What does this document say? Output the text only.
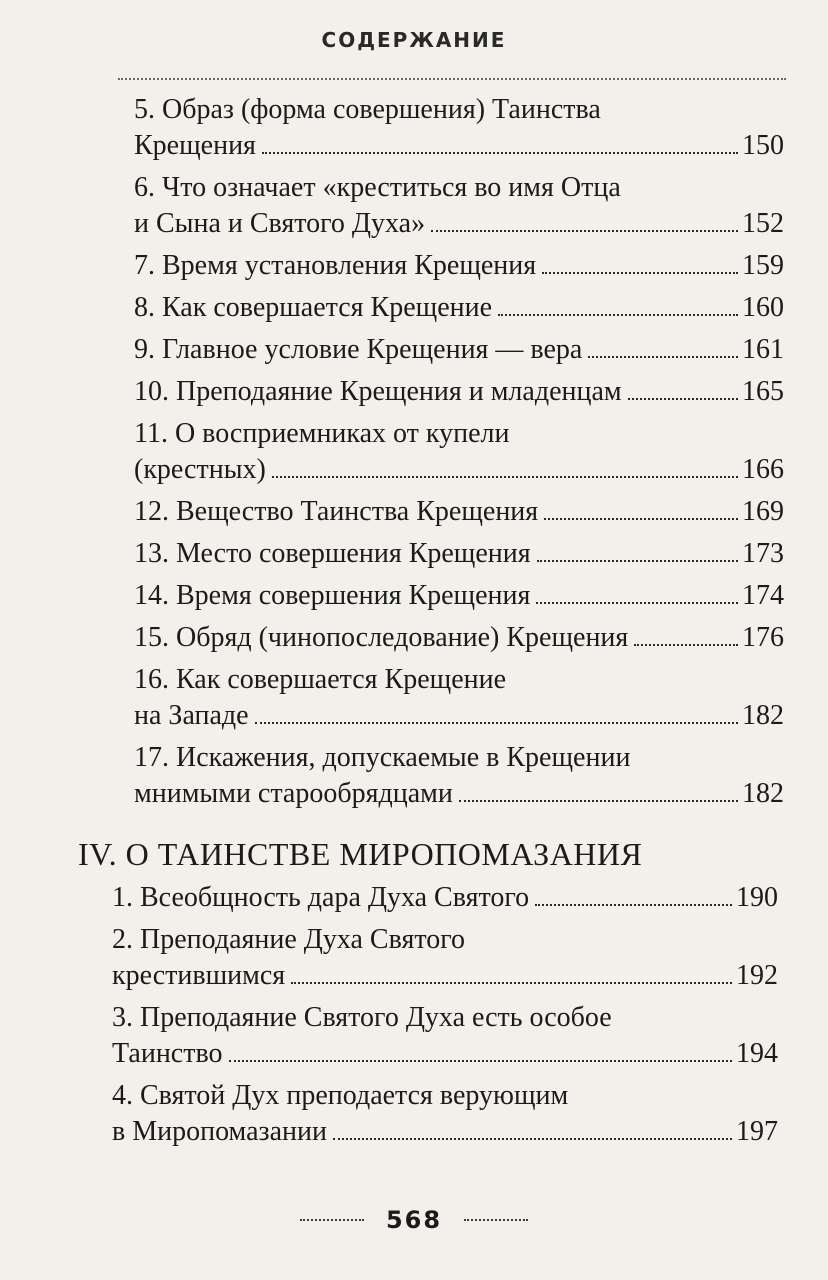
СОДЕРЖАНИЕ
5. Образ (форма совершения) Таинства
Крещения	150
6. Что означает «креститься во имя Отца
и Сына и Святого Духа»	152
7. Время установления Крещения	159
8. Как совершается Крещение	160
9. Главное условие Крещения — вера	161
10. Преподаяние Крещения и младенцам	165
11. О восприемниках от купели
(крестных)	166
12. Вещество Таинства Крещения	169
13. Место совершения Крещения	173
14. Время совершения Крещения	174
15. Обряд (чинопоследование) Крещения	176
16. Как совершается Крещение
на Западе	182
17. Искажения, допускаемые в Крещении
мнимыми старообрядцами	182
IV. О ТАИНСТВЕ МИРОПОМАЗАНИЯ
1. Всеобщность дара Духа Святого	190
2. Преподаяние Духа Святого
крестившимся	192
3. Преподаяние Святого Духа есть особое
Таинство	194
4. Святой Дух преподается верующим
в Миропомазании	197
568
